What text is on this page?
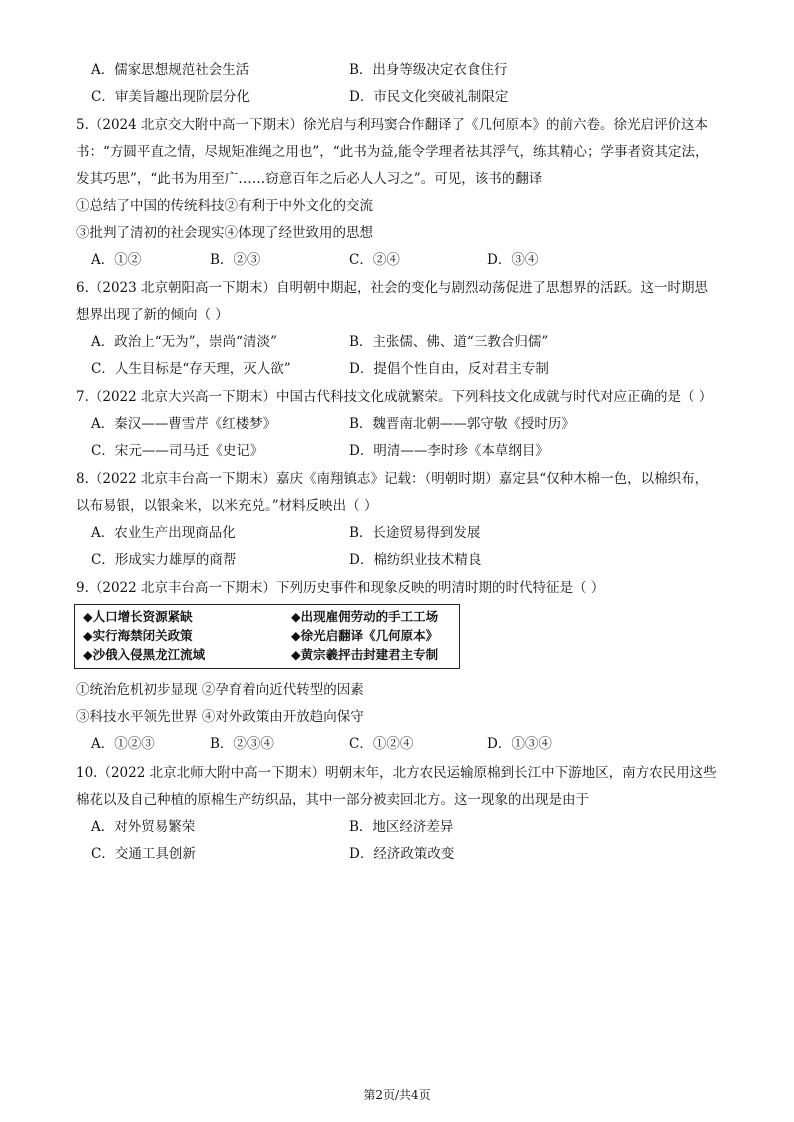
A．儒家思想规范社会生活	B．出身等级决定衣食住行
C．审美旨趣出现阶层分化	D．市民文化突破礼制限定
5.（2024 北京交大附中高一下期末）徐光启与利玛窦合作翻译了《几何原本》的前六卷。徐光启评价这本
书：“方圆平直之情，尽规矩准绳之用也”，“此书为益,能令学理者祛其浮气，练其精心；学事者资其定法，
发其巧思”，“此书为用至广……窃意百年之后必人人习之”。可见，该书的翻译
①总结了中国的传统科技②有利于中外文化的交流
③批判了清初的社会现实④体现了经世致用的思想
A．①②	B．②③	C．②④	D．③④
6.（2023 北京朝阳高一下期末）自明朝中期起，社会的变化与剧烈动荡促进了思想界的活跃。这一时期思
想界出现了新的倾向（ ）
A．政治上“无为”，崇尚“清淡”	B．主张儒、佛、道“三教合归儒”
C．人生目标是“存天理，灭人欲”	D．提倡个性自由，反对君主专制
7.（2022 北京大兴高一下期末）中国古代科技文化成就繁荣。下列科技文化成就与时代对应正确的是（ ）
A．秦汉——曹雪芹《红楼梦》	B．魏晋南北朝——郭守敬《授时历》
C．宋元——司马迁《史记》	D．明清——李时珍《本草纲目》
8.（2022 北京丰台高一下期末）嘉庆《南翔镇志》记载：（明朝时期）嘉定县“仅种木棉一色，以棉织布，
以布易银，以银籴米，以米充兑。”材料反映出（ ）
A．农业生产出现商品化	B．长途贸易得到发展
C．形成实力雄厚的商帮	D．棉纺织业技术精良
9.（2022 北京丰台高一下期末）下列历史事件和现象反映的明清时期的时代特征是（ ）
◆人口增长资源紧缺	◆出现雇佣劳动的手工工场
◆实行海禁闭关政策	◆徐光启翻译《几何原本》
◆沙俄入侵黑龙江流域	◆黄宗羲抨击封建君主专制
①统治危机初步显现 ②孕育着向近代转型的因素
③科技水平领先世界 ④对外政策由开放趋向保守
A．①②③	B．②③④	C．①②④	D．①③④
10.（2022 北京北师大附中高一下期末）明朝末年，北方农民运输原棉到长江中下游地区，南方农民用这些
棉花以及自己种植的原棉生产纺织品，其中一部分被卖回北方。这一现象的出现是由于
A．对外贸易繁荣	B．地区经济差异
C．交通工具创新	D．经济政策改变
第2页/共4页
